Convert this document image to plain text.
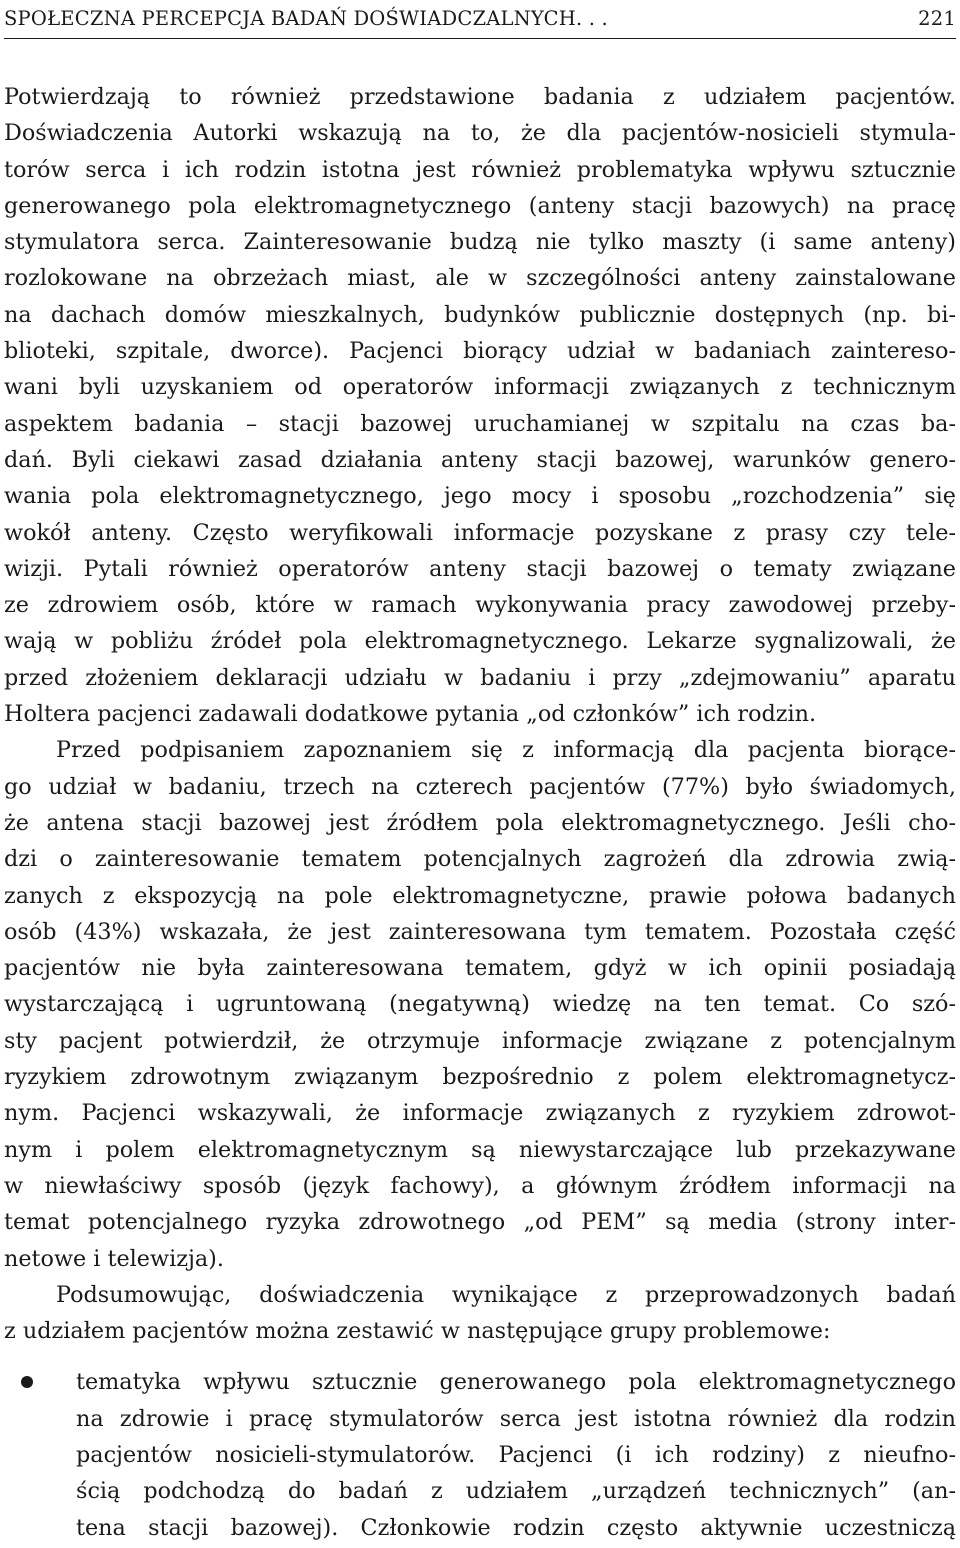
SPOŁECZNA PERCEPCJA BADAŃ DOŚWIADCZALNYCH. . .	221
Potwierdzają to również przedstawione badania z udziałem pacjentów.
Doświadczenia Autorki wskazują na to, że dla pacjentów-nosicieli stymula-
torów serca i ich rodzin istotna jest również problematyka wpływu sztucznie
generowanego pola elektromagnetycznego (anteny stacji bazowych) na pracę
stymulatora serca. Zainteresowanie budzą nie tylko maszty (i same anteny)
rozlokowane na obrzeżach miast, ale w szczególności anteny zainstalowane
na dachach domów mieszkalnych, budynków publicznie dostępnych (np. bi-
blioteki, szpitale, dworce). Pacjenci biorący udział w badaniach zaintereso-
wani byli uzyskaniem od operatorów informacji związanych z technicznym
aspektem badania – stacji bazowej uruchamianej w szpitalu na czas ba-
dań. Byli ciekawi zasad działania anteny stacji bazowej, warunków genero-
wania pola elektromagnetycznego, jego mocy i sposobu „rozchodzenia” się
wokół anteny. Często weryfikowali informacje pozyskane z prasy czy tele-
wizji. Pytali również operatorów anteny stacji bazowej o tematy związane
ze zdrowiem osób, które w ramach wykonywania pracy zawodowej przeby-
wają w pobliżu źródeł pola elektromagnetycznego. Lekarze sygnalizowali, że
przed złożeniem deklaracji udziału w badaniu i przy „zdejmowaniu” aparatu
Holtera pacjenci zadawali dodatkowe pytania „od członków” ich rodzin.
Przed podpisaniem zapoznaniem się z informacją dla pacjenta biorące-
go udział w badaniu, trzech na czterech pacjentów (77%) było świadomych,
że antena stacji bazowej jest źródłem pola elektromagnetycznego. Jeśli cho-
dzi o zainteresowanie tematem potencjalnych zagrożeń dla zdrowia zwią-
zanych z ekspozycją na pole elektromagnetyczne, prawie połowa badanych
osób (43%) wskazała, że jest zainteresowana tym tematem. Pozostała część
pacjentów nie była zainteresowana tematem, gdyż w ich opinii posiadają
wystarczającą i ugruntowaną (negatywną) wiedzę na ten temat. Co szó-
sty pacjent potwierdził, że otrzymuje informacje związane z potencjalnym
ryzykiem zdrowotnym związanym bezpośrednio z polem elektromagnetycz-
nym. Pacjenci wskazywali, że informacje związanych z ryzykiem zdrowot-
nym i polem elektromagnetycznym są niewystarczające lub przekazywane
w niewłaściwy sposób (język fachowy), a głównym źródłem informacji na
temat potencjalnego ryzyka zdrowotnego „od PEM” są media (strony inter-
netowe i telewizja).
Podsumowując, doświadczenia wynikające z przeprowadzonych badań
z udziałem pacjentów można zestawić w następujące grupy problemowe:
tematyka wpływu sztucznie generowanego pola elektromagnetycznego
na zdrowie i pracę stymulatorów serca jest istotna również dla rodzin
pacjentów nosicieli-stymulatorów. Pacjenci (i ich rodziny) z nieufno-
ścią podchodzą do badań z udziałem „urządzeń technicznych” (an-
tena stacji bazowej). Członkowie rodzin często aktywnie uczestniczą
